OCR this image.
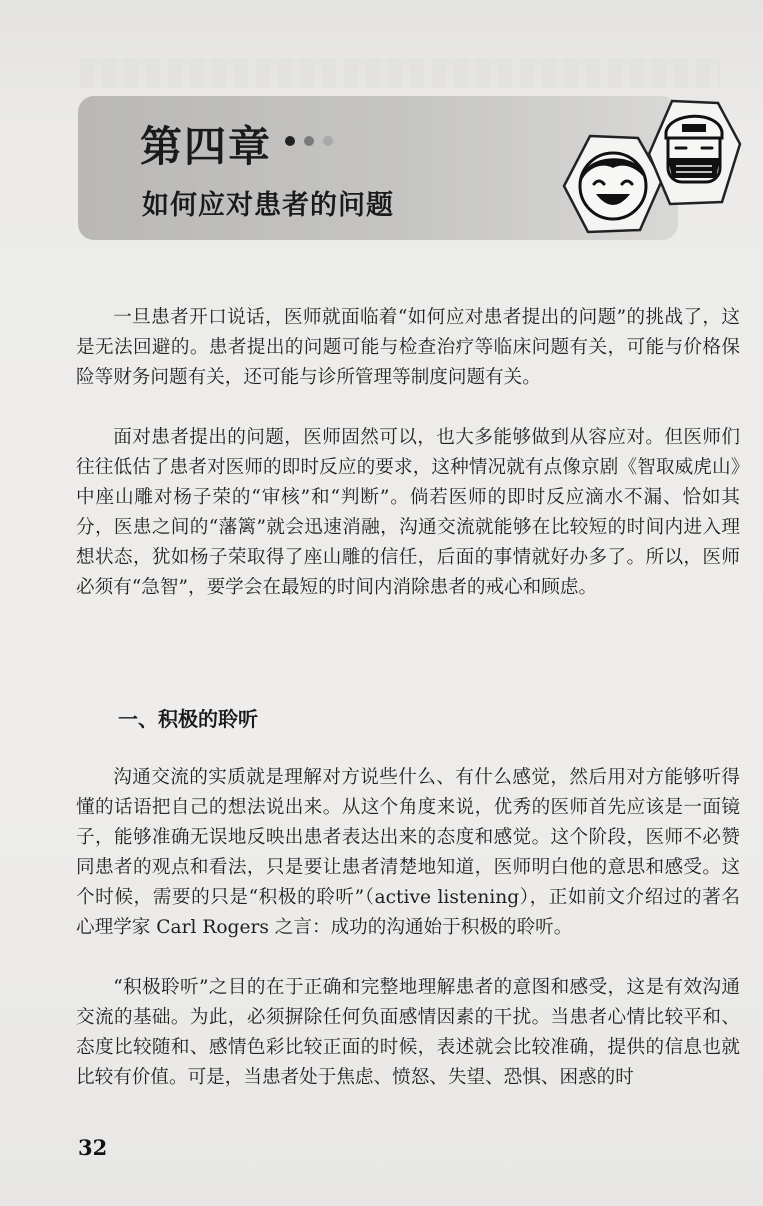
第四章
如何应对患者的问题

一旦患者开口说话，医师就面临着“如何应对患者提出的问题”的挑战了，这是无法回避的。患者提出的问题可能与检查治疗等临床问题有关，可能与价格保险等财务问题有关，还可能与诊所管理等制度问题有关。

面对患者提出的问题，医师固然可以，也大多能够做到从容应对。但医师们往往低估了患者对医师的即时反应的要求，这种情况就有点像京剧《智取威虎山》中座山雕对杨子荣的“审核”和“判断”。倘若医师的即时反应滴水不漏、恰如其分，医患之间的“藩篱”就会迅速消融，沟通交流就能够在比较短的时间内进入理想状态，犹如杨子荣取得了座山雕的信任，后面的事情就好办多了。所以，医师必须有“急智”，要学会在最短的时间内消除患者的戒心和顾虑。

一、积极的聆听

沟通交流的实质就是理解对方说些什么、有什么感觉，然后用对方能够听得懂的话语把自己的想法说出来。从这个角度来说，优秀的医师首先应该是一面镜子，能够准确无误地反映出患者表达出来的态度和感觉。这个阶段，医师不必赞同患者的观点和看法，只是要让患者清楚地知道，医师明白他的意思和感受。这个时候，需要的只是“积极的聆听”（active listening），正如前文介绍过的著名心理学家 Carl Rogers 之言：成功的沟通始于积极的聆听。

“积极聆听”之目的在于正确和完整地理解患者的意图和感受，这是有效沟通交流的基础。为此，必须摒除任何负面感情因素的干扰。当患者心情比较平和、态度比较随和、感情色彩比较正面的时候，表述就会比较准确，提供的信息也就比较有价值。可是，当患者处于焦虑、愤怒、失望、恐惧、困惑的时

32
